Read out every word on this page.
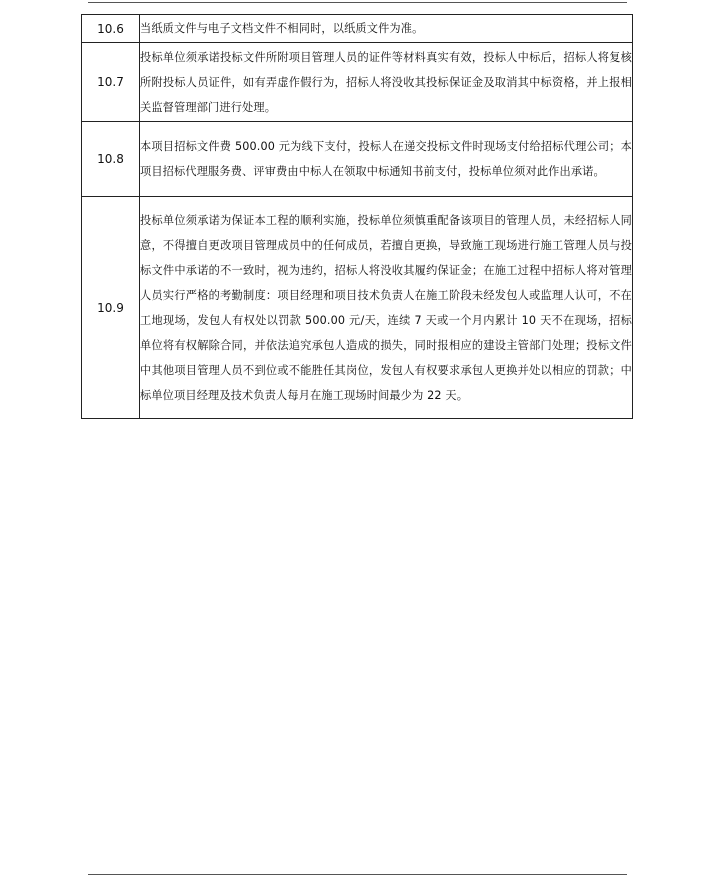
10.6	当纸质文件与电子文档文件不相同时，以纸质文件为准。
10.7	投标单位须承诺投标文件所附项目管理人员的证件等材料真实有效，投标人中标后，招标人将复核所附投标人员证件，如有弄虚作假行为，招标人将没收其投标保证金及取消其中标资格，并上报相关监督管理部门进行处理。
10.8	本项目招标文件费 500.00 元为线下支付，投标人在递交投标文件时现场支付给招标代理公司；本项目招标代理服务费、评审费由中标人在领取中标通知书前支付，投标单位须对此作出承诺。
10.9	投标单位须承诺为保证本工程的顺利实施，投标单位须慎重配备该项目的管理人员，未经招标人同意，不得擅自更改项目管理成员中的任何成员，若擅自更换，导致施工现场进行施工管理人员与投标文件中承诺的不一致时，视为违约，招标人将没收其履约保证金；在施工过程中招标人将对管理人员实行严格的考勤制度：项目经理和项目技术负责人在施工阶段未经发包人或监理人认可，不在工地现场，发包人有权处以罚款 500.00 元/天，连续 7 天或一个月内累计 10 天不在现场，招标单位将有权解除合同，并依法追究承包人造成的损失，同时报相应的建设主管部门处理；投标文件中其他项目管理人员不到位或不能胜任其岗位，发包人有权要求承包人更换并处以相应的罚款；中标单位项目经理及技术负责人每月在施工现场时间最少为 22 天。
